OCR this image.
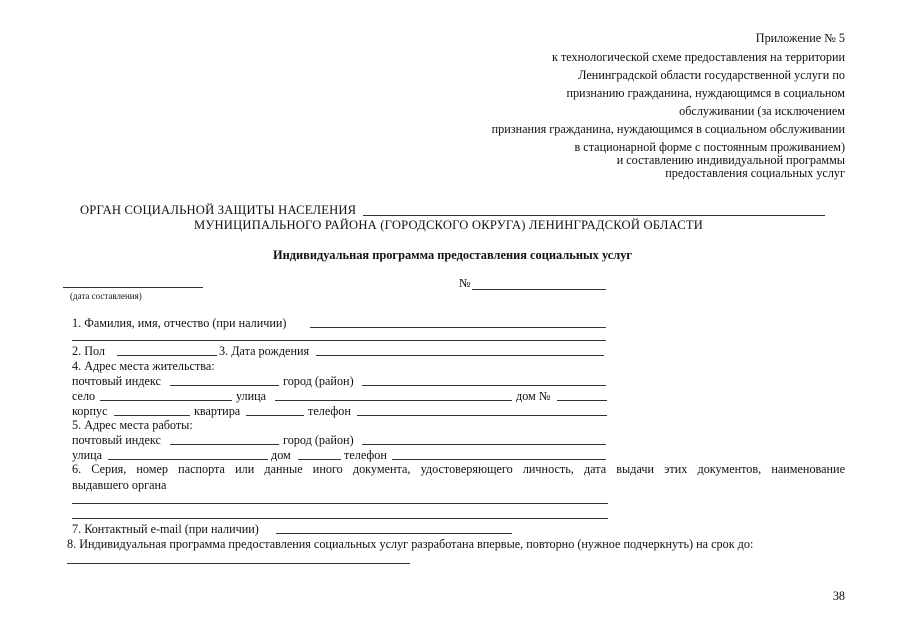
Приложение № 5
к технологической схеме предоставления на территории
Ленинградской области государственной услуги по
признанию гражданина, нуждающимся в социальном
обслуживании (за исключением
признания гражданина, нуждающимся в социальном обслуживании
в стационарной форме с постоянным проживанием)
и составлению индивидуальной программы
предоставления социальных услуг
ОРГАН СОЦИАЛЬНОЙ ЗАЩИТЫ НАСЕЛЕНИЯ
МУНИЦИПАЛЬНОГО РАЙОНА (ГОРОДСКОГО ОКРУГА) ЛЕНИНГРАДСКОЙ ОБЛАСТИ
Индивидуальная программа предоставления социальных услуг
(дата составления)
№
1. Фамилия, имя, отчество (при наличии)
2. Пол	3. Дата рождения
4. Адрес места жительства:
почтовый индекс	город (район)
село	улица	дом №
корпус	квартира	телефон
5. Адрес места работы:
почтовый индекс	город (район)
улица	дом	телефон
6. Серия, номер паспорта или данные иного документа, удостоверяющего личность, дата выдачи этих документов, наименование
выдавшего органа
7. Контактный e-mail (при наличии)
8. Индивидуальная программа предоставления социальных услуг разработана впервые, повторно (нужное подчеркнуть) на срок до:
38
